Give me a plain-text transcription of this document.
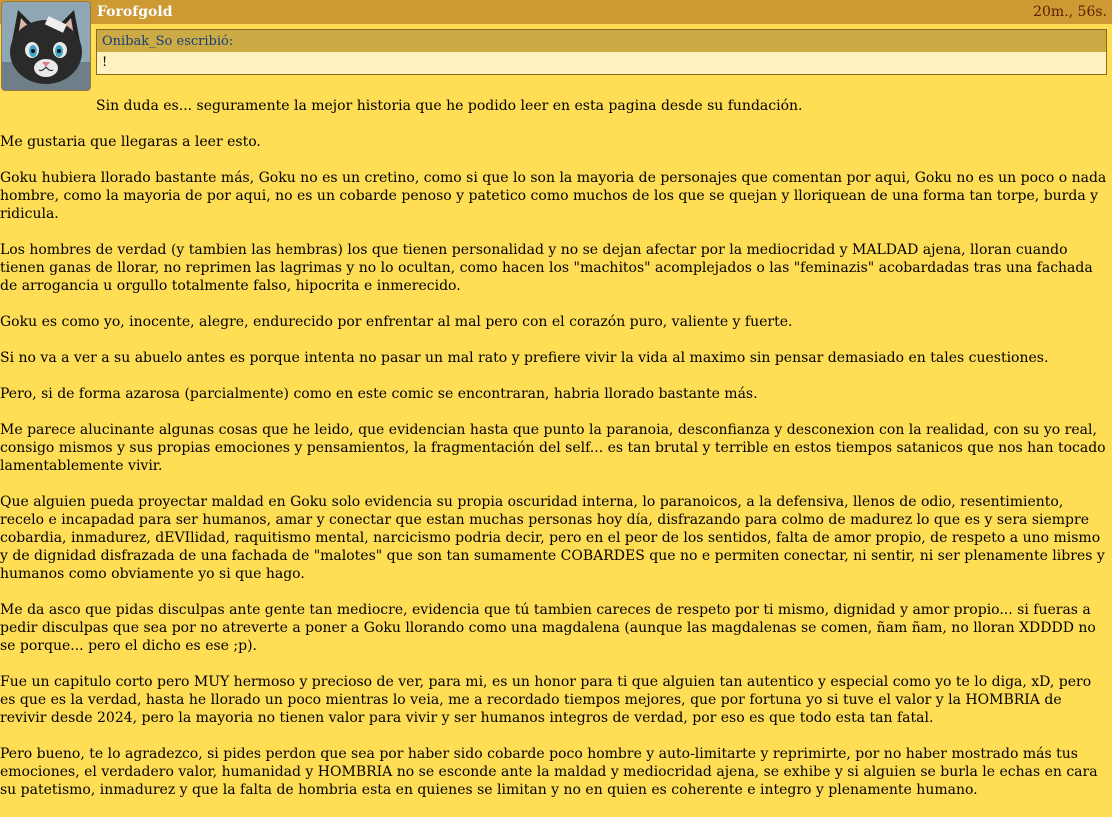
Forofgold	20m., 56s.
Onibak_So escribió:
!

Sin duda es... seguramente la mejor historia que he podido leer en esta pagina desde su fundación.

Me gustaria que llegaras a leer esto.

Goku hubiera llorado bastante más, Goku no es un cretino, como si que lo son la mayoria de personajes que comentan por aqui, Goku no es un poco o nada hombre, como la mayoria de por aqui, no es un cobarde penoso y patetico como muchos de los que se quejan y lloriquean de una forma tan torpe, burda y ridicula.

Los hombres de verdad (y tambien las hembras) los que tienen personalidad y no se dejan afectar por la mediocridad y MALDAD ajena, lloran cuando tienen ganas de llorar, no reprimen las lagrimas y no lo ocultan, como hacen los "machitos" acomplejados o las "feminazis" acobardadas tras una fachada de arrogancia u orgullo totalmente falso, hipocrita e inmerecido.

Goku es como yo, inocente, alegre, endurecido por enfrentar al mal pero con el corazón puro, valiente y fuerte.

Si no va a ver a su abuelo antes es porque intenta no pasar un mal rato y prefiere vivir la vida al maximo sin pensar demasiado en tales cuestiones.

Pero, si de forma azarosa (parcialmente) como en este comic se encontraran, habria llorado bastante más.

Me parece alucinante algunas cosas que he leido, que evidencian hasta que punto la paranoia, desconfianza y desconexion con la realidad, con su yo real, consigo mismos y sus propias emociones y pensamientos, la fragmentación del self... es tan brutal y terrible en estos tiempos satanicos que nos han tocado lamentablemente vivir.

Que alguien pueda proyectar maldad en Goku solo evidencia su propia oscuridad interna, lo paranoicos, a la defensiva, llenos de odio, resentimiento, recelo e incapadad para ser humanos, amar y conectar que estan muchas personas hoy día, disfrazando para colmo de madurez lo que es y sera siempre cobardia, inmadurez, dEVIlidad, raquitismo mental, narcicismo podria decir, pero en el peor de los sentidos, falta de amor propio, de respeto a uno mismo y de dignidad disfrazada de una fachada de "malotes" que son tan sumamente COBARDES que no e permiten conectar, ni sentir, ni ser plenamente libres y humanos como obviamente yo si que hago.

Me da asco que pidas disculpas ante gente tan mediocre, evidencia que tú tambien careces de respeto por ti mismo, dignidad y amor propio... si fueras a pedir disculpas que sea por no atreverte a poner a Goku llorando como una magdalena (aunque las magdalenas se comen, ñam ñam, no lloran XDDDD no se porque... pero el dicho es ese ;p).

Fue un capitulo corto pero MUY hermoso y precioso de ver, para mi, es un honor para ti que alguien tan autentico y especial como yo te lo diga, xD, pero es que es la verdad, hasta he llorado un poco mientras lo veia, me a recordado tiempos mejores, que por fortuna yo si tuve el valor y la HOMBRIA de revivir desde 2024, pero la mayoria no tienen valor para vivir y ser humanos integros de verdad, por eso es que todo esta tan fatal.

Pero bueno, te lo agradezco, si pides perdon que sea por haber sido cobarde poco hombre y auto-limitarte y reprimirte, por no haber mostrado más tus emociones, el verdadero valor, humanidad y HOMBRIA no se esconde ante la maldad y mediocridad ajena, se exhibe y si alguien se burla le echas en cara su patetismo, inmadurez y que la falta de hombria esta en quienes se limitan y no en quien es coherente e integro y plenamente humano.
